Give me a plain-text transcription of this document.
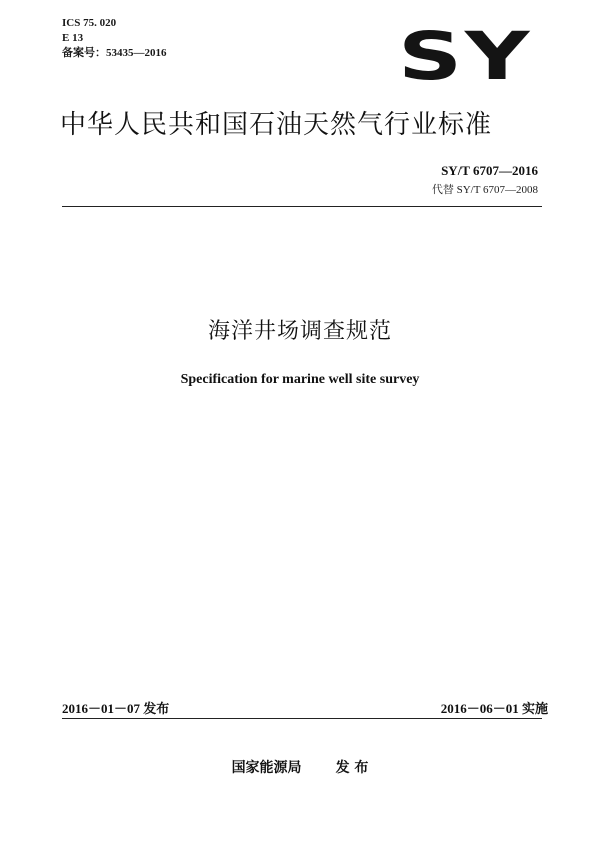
ICS 75. 020
E 13
备案号：53435—2016	SY
中华人民共和国石油天然气行业标准
SY/T 6707—2016
代替 SY/T 6707—2008
海洋井场调查规范
Specification for marine well site survey
2016－01－07 发布	2016－06－01 实施
国家能源局 发 布
